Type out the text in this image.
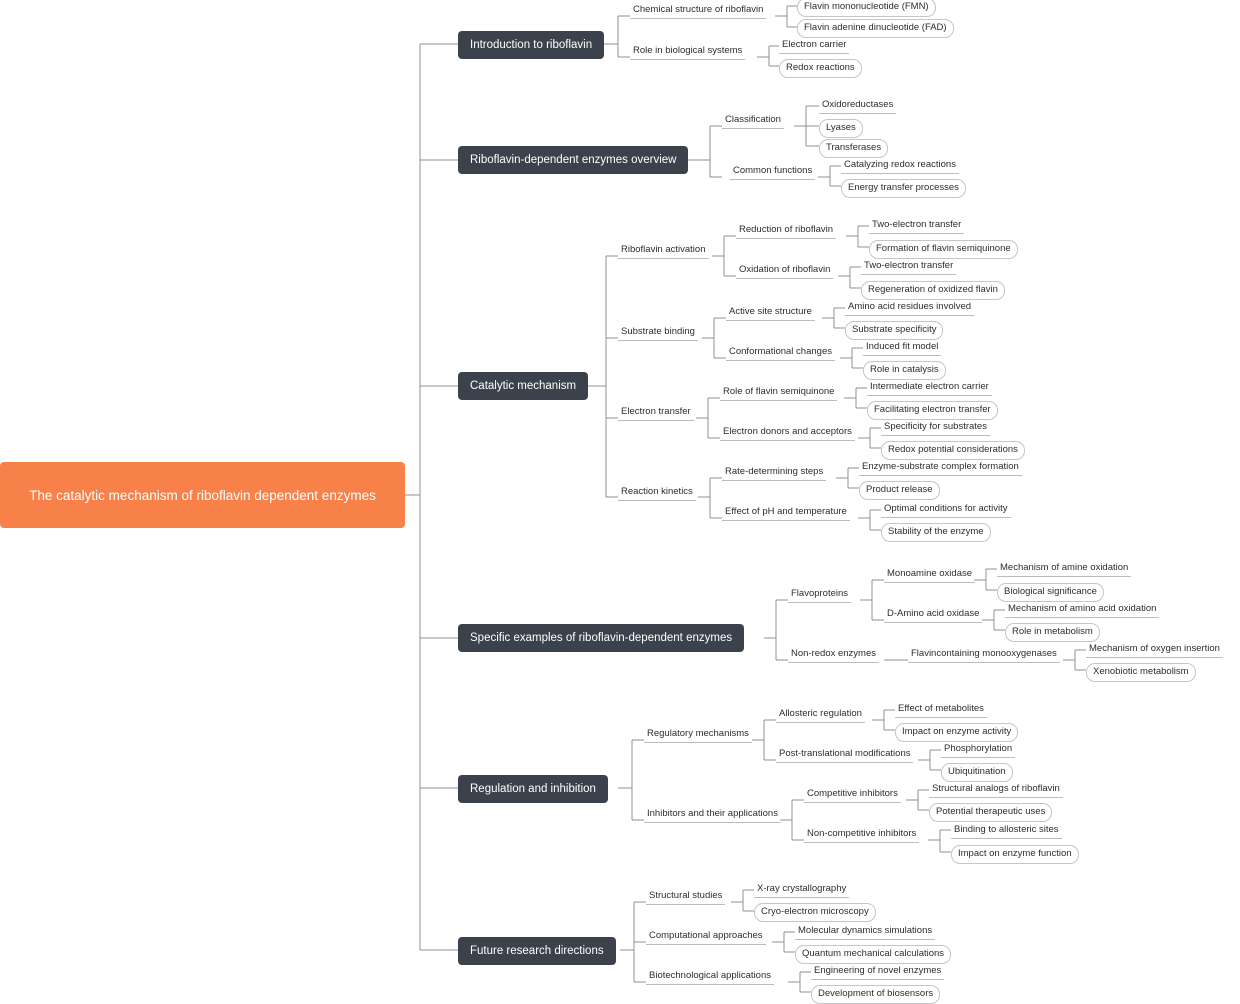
The catalytic mechanism of riboflavin dependent enzymes
Introduction to riboflavin
Chemical structure of riboflavin
Role in biological systems
Flavin mononucleotide (FMN)
Flavin adenine dinucleotide (FAD)
Electron carrier
Redox reactions
Riboflavin-dependent enzymes overview
Classification
Common functions
Oxidoreductases
Lyases
Transferases
Catalyzing redox reactions
Energy transfer processes
Catalytic mechanism
Riboflavin activation
Reduction of riboflavin
Oxidation of riboflavin
Two-electron transfer
Formation of flavin semiquinone
Two-electron transfer
Regeneration of oxidized flavin
Substrate binding
Active site structure
Conformational changes
Amino acid residues involved
Substrate specificity
Induced fit model
Role in catalysis
Electron transfer
Role of flavin semiquinone
Electron donors and acceptors
Intermediate electron carrier
Facilitating electron transfer
Specificity for substrates
Redox potential considerations
Reaction kinetics
Rate-determining steps
Effect of pH and temperature
Enzyme-substrate complex formation
Product release
Optimal conditions for activity
Stability of the enzyme
Specific examples of riboflavin-dependent enzymes
Flavoproteins
Non-redox enzymes
Monoamine oxidase
D-Amino acid oxidase
Flavincontaining monooxygenases
Mechanism of amine oxidation
Biological significance
Mechanism of amino acid oxidation
Role in metabolism
Mechanism of oxygen insertion
Xenobiotic metabolism
Regulation and inhibition
Regulatory mechanisms
Inhibitors and their applications
Allosteric regulation
Post-translational modifications
Competitive inhibitors
Non-competitive inhibitors
Effect of metabolites
Impact on enzyme activity
Phosphorylation
Ubiquitination
Structural analogs of riboflavin
Potential therapeutic uses
Binding to allosteric sites
Impact on enzyme function
Future research directions
Structural studies
Computational approaches
Biotechnological applications
X-ray crystallography
Cryo-electron microscopy
Molecular dynamics simulations
Quantum mechanical calculations
Engineering of novel enzymes
Development of biosensors
